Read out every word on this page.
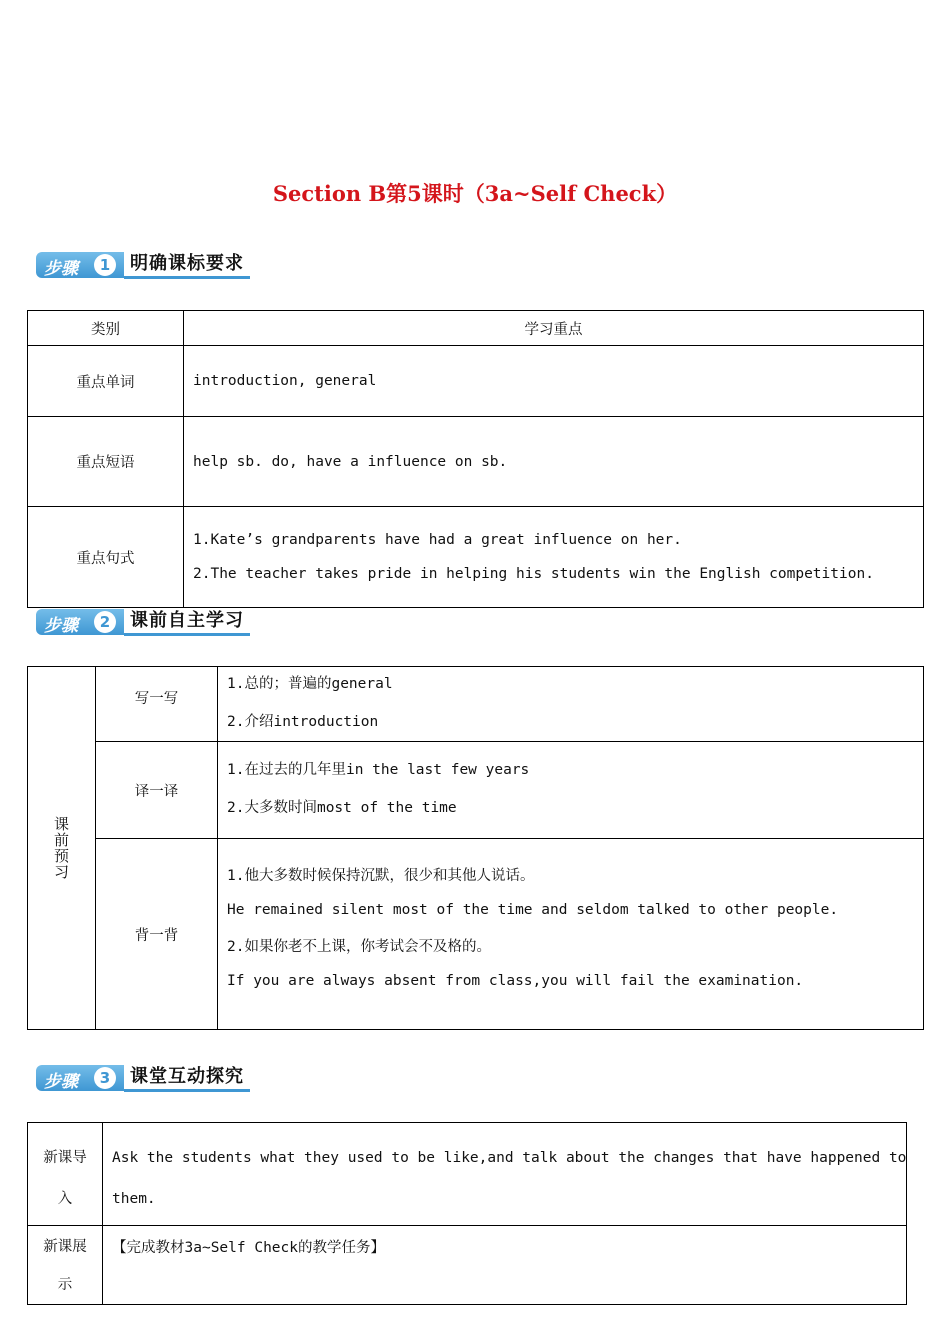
Section B第5课时（3a~Self Check）
步骤	1	明确课标要求
类别	学习重点
重点单词	introduction, general

重点短语	help sb. do, have a influence on sb.

重点句式	1.Kate’s grandparents have had a great influence on her.
2.The teacher takes pride in helping his students win the English competition.
步骤	2	课前自主学习
课前预习	写一写	1.总的；普遍的general
2.介绍introduction

	译一译	1.在过去的几年里in the last few years
2.大多数时间most of the time

	背一背	1.他大多数时候保持沉默，很少和其他人说话。
He remained silent most of the time and seldom talked to other people.
2.如果你老不上课，你考试会不及格的。
If you are always absent from class,you will fail the examination.
步骤	3	课堂互动探究
新课导
入	Ask the students what they used to be like,and talk about the changes that have happened to
them.

新课展
示	【完成教材3a~Self Check的教学任务】
